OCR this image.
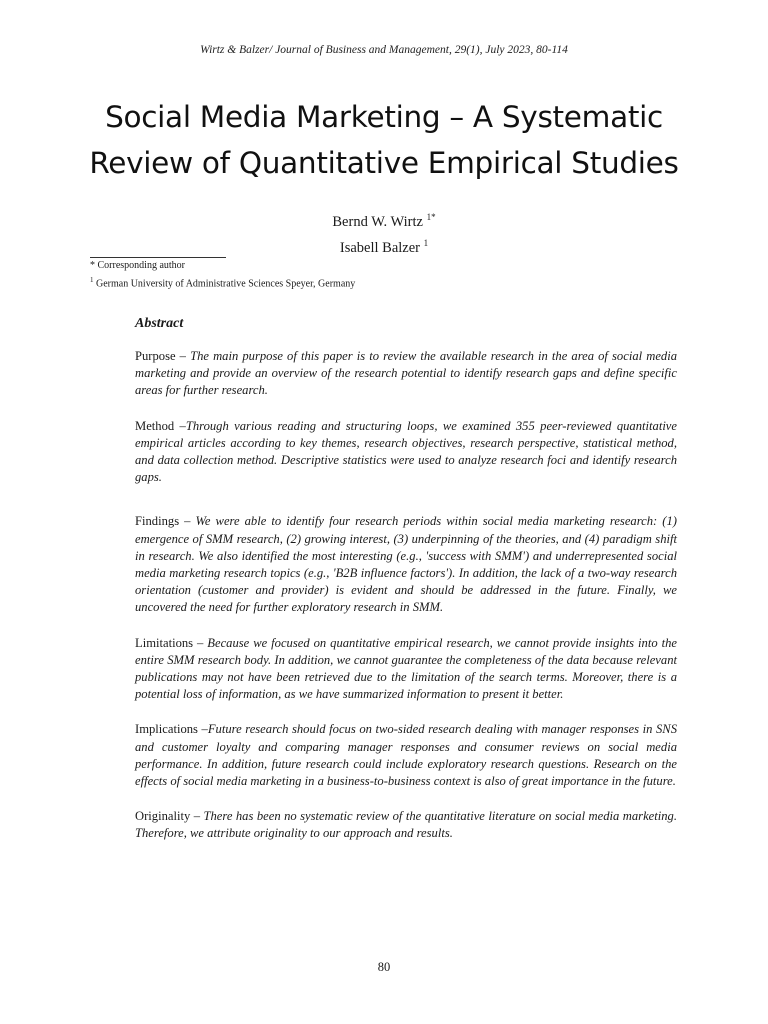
Wirtz & Balzer/ Journal of Business and Management, 29(1), July 2023, 80-114
Social Media Marketing – A Systematic
Review of Quantitative Empirical Studies
Bernd W. Wirtz $^{1*}$
Isabell Balzer $^1$
* Corresponding author
$^1$ German University of Administrative Sciences Speyer, Germany

Abstract

Purpose – The main purpose of this paper is to review the available research in the area of social media marketing and provide an overview of the research potential to identify research gaps and define specific areas for further research.

Method –Through various reading and structuring loops, we examined 355 peer-reviewed quantitative empirical articles according to key themes, research objectives, research perspective, statistical method, and data collection method. Descriptive statistics were used to analyze research foci and identify research gaps.

Findings – We were able to identify four research periods within social media marketing research: (1) emergence of SMM research, (2) growing interest, (3) underpinning of the theories, and (4) paradigm shift in research. We also identified the most interesting (e.g., 'success with SMM') and underrepresented social media marketing research topics (e.g., 'B2B influence factors'). In addition, the lack of a two-way research orientation (customer and provider) is evident and should be addressed in the future. Finally, we uncovered the need for further exploratory research in SMM.

Limitations – Because we focused on quantitative empirical research, we cannot provide insights into the entire SMM research body. In addition, we cannot guarantee the completeness of the data because relevant publications may not have been retrieved due to the limitation of the search terms. Moreover, there is a potential loss of information, as we have summarized information to present it better.

Implications –Future research should focus on two-sided research dealing with manager responses in SNS and customer loyalty and comparing manager responses and consumer reviews on social media performance. In addition, future research could include exploratory research questions. Research on the effects of social media marketing in a business-to-business context is also of great importance in the future.

Originality – There has been no systematic review of the quantitative literature on social media marketing. Therefore, we attribute originality to our approach and results.

80
